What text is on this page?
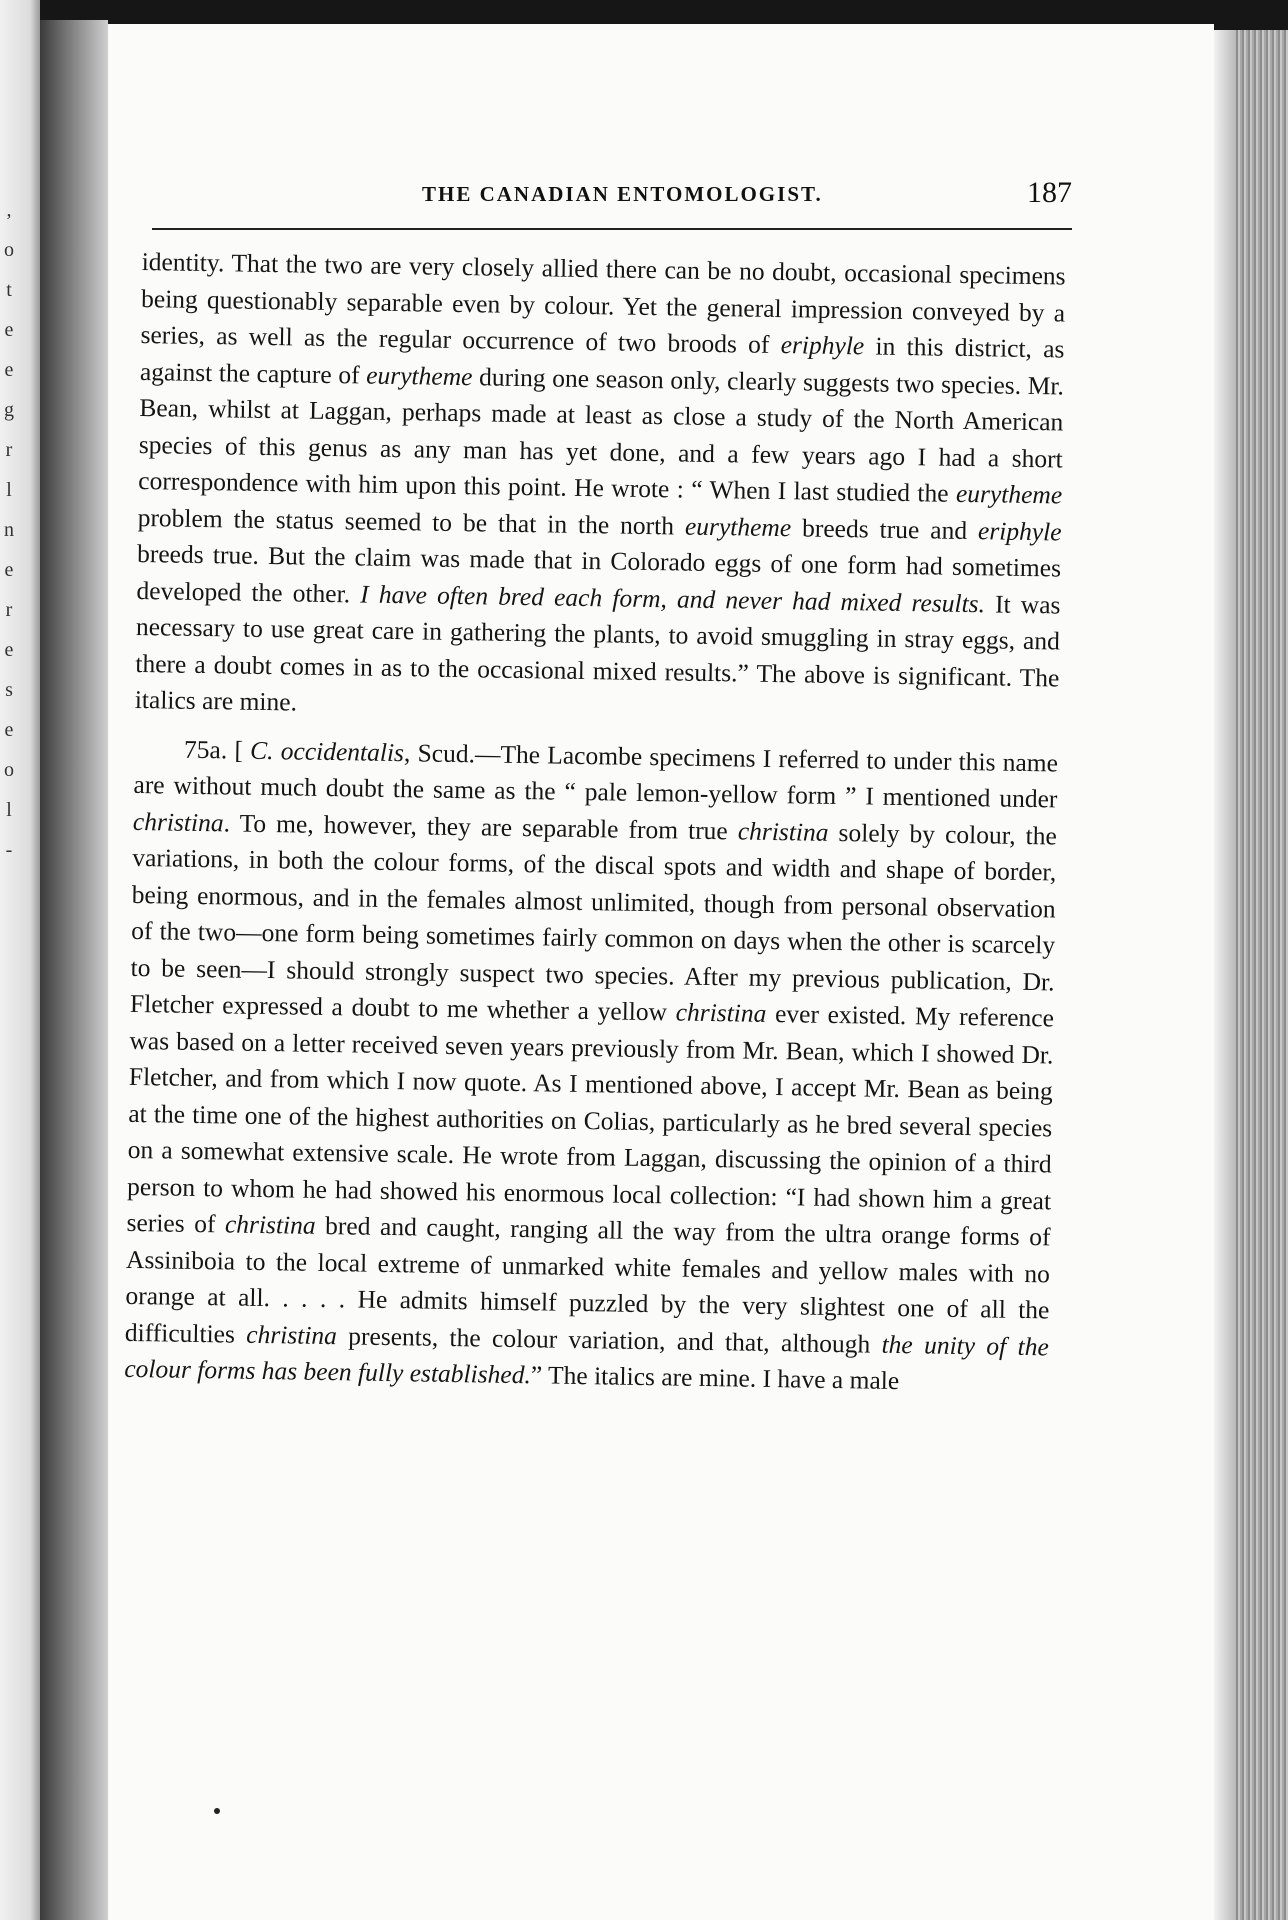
,
o
t
e
e
g
r
l
n
e
r
e
s
e
o
l
-
THE CANADIAN ENTOMOLOGIST.	187

identity. That the two are very closely allied there can be no doubt, occasional specimens being questionably separable even by colour. Yet the general impression conveyed by a series, as well as the regular occurrence of two broods of eriphyle in this district, as against the capture of eurytheme during one season only, clearly suggests two species. Mr. Bean, whilst at Laggan, perhaps made at least as close a study of the North American species of this genus as any man has yet done, and a few years ago I had a short correspondence with him upon this point. He wrote : “ When I last studied the eurytheme problem the status seemed to be that in the north eurytheme breeds true and eriphyle breeds true. But the claim was made that in Colorado eggs of one form had sometimes developed the other. I have often bred each form, and never had mixed results. It was necessary to use great care in gathering the plants, to avoid smuggling in stray eggs, and there a doubt comes in as to the occasional mixed results.” The above is significant. The italics are mine.

75a. [ C. occidentalis, Scud.—The Lacombe specimens I referred to under this name are without much doubt the same as the “ pale lemon-yellow form ” I mentioned under christina. To me, however, they are separable from true christina solely by colour, the variations, in both the colour forms, of the discal spots and width and shape of border, being enormous, and in the females almost unlimited, though from personal observation of the two—one form being sometimes fairly common on days when the other is scarcely to be seen—I should strongly suspect two species. After my previous publication, Dr. Fletcher expressed a doubt to me whether a yellow christina ever existed. My reference was based on a letter received seven years previously from Mr. Bean, which I showed Dr. Fletcher, and from which I now quote. As I mentioned above, I accept Mr. Bean as being at the time one of the highest authorities on Colias, particularly as he bred several species on a somewhat extensive scale. He wrote from Laggan, discussing the opinion of a third person to whom he had showed his enormous local collection: “I had shown him a great series of christina bred and caught, ranging all the way from the ultra orange forms of Assiniboia to the local extreme of unmarked white females and yellow males with no orange at all. . . . . He admits himself puzzled by the very slightest one of all the difficulties christina presents, the colour variation, and that, although the unity of the colour forms has been fully established.” The italics are mine. I have a male
